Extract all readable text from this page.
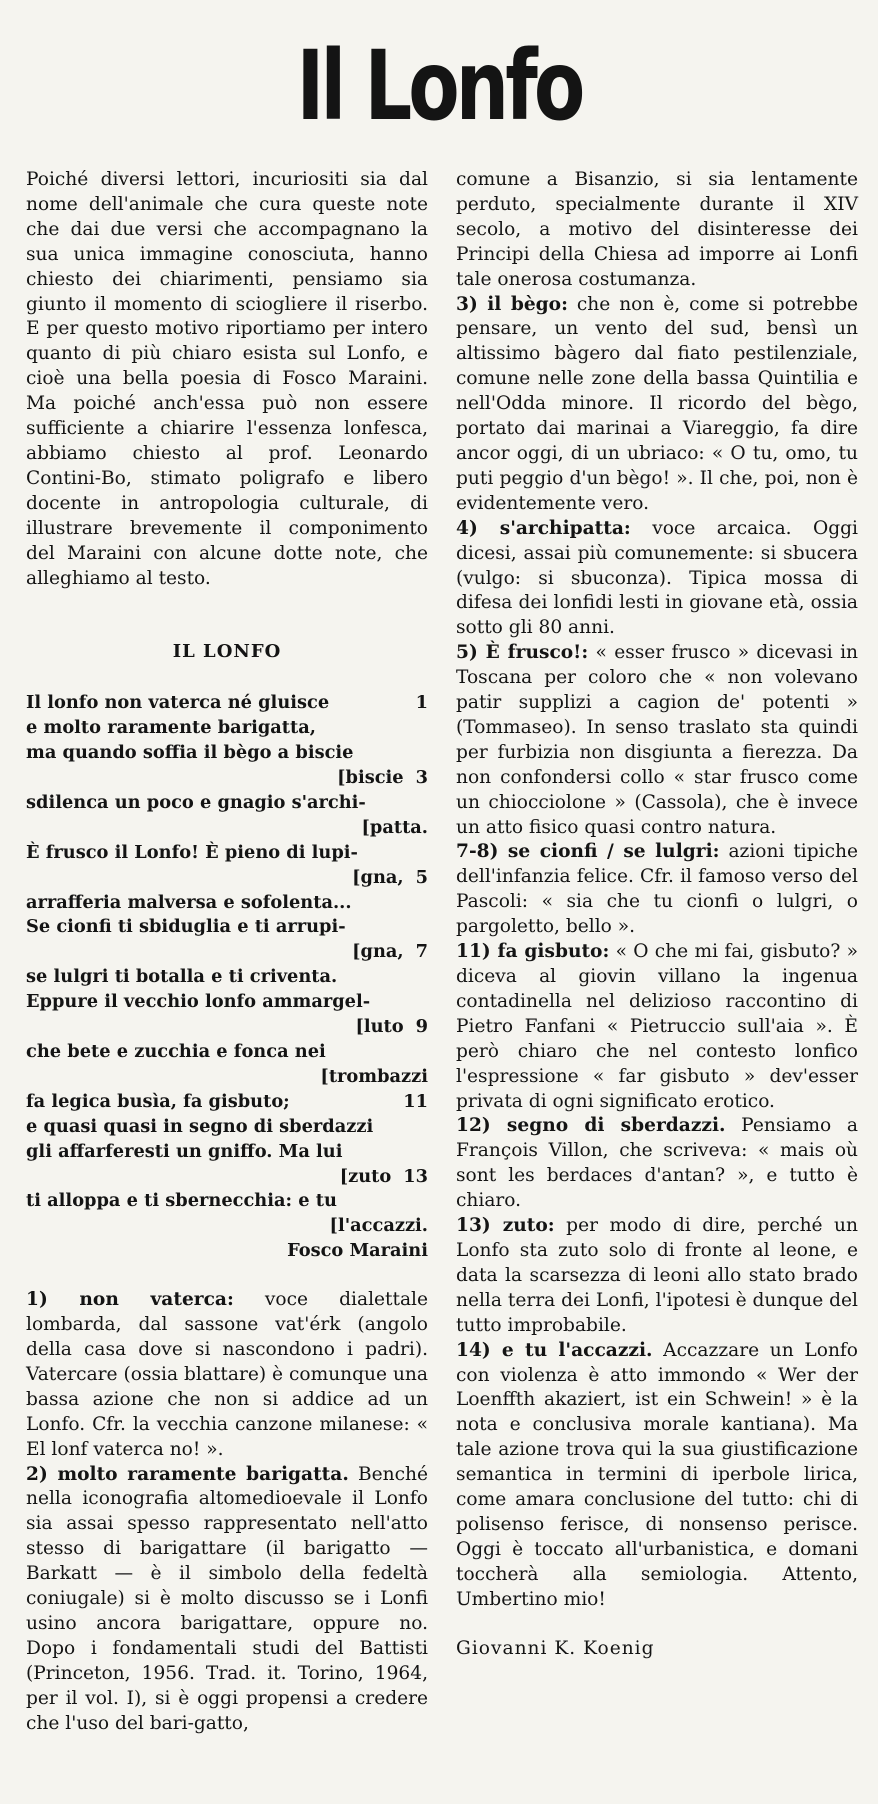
Il Lonfo

Poiché diversi lettori, incuriositi sia dal nome dell'animale che cura queste note che dai due versi che accompagnano la sua unica immagine conosciuta, hanno chiesto dei chiarimenti, pensiamo sia giunto il momento di sciogliere il riserbo. E per questo motivo riportiamo per intero quanto di più chiaro esista sul Lonfo, e cioè una bella poesia di Fosco Maraini. Ma poiché anch'essa può non essere sufficiente a chiarire l'essenza lonfesca, abbiamo chiesto al prof. Leonardo Contini-Bo, stimato poligrafo e libero docente in antropologia culturale, di illustrare brevemente il componimento del Maraini con alcune dotte note, che alleghiamo al testo.

IL LONFO
Il lonfo non vaterca né gluisce	1
e molto raramente barigatta,
ma quando soffia il bègo a biscie
[biscie 3
sdilenca un poco e gnagio s'archi-
[patta.
È frusco il Lonfo! È pieno di lupi-
[gna, 5
arrafferia malversa e sofolenta...
Se cionfi ti sbiduglia e ti arrupi-
[gna, 7
se lulgri ti botalla e ti criventa.
Eppure il vecchio lonfo ammargel-
[luto 9
che bete e zucchia e fonca nei
[trombazzi
fa legica busìa, fa gisbuto;	11
e quasi quasi in segno di sberdazzi
gli affarferesti un gniffo. Ma lui
[zuto 13
ti alloppa e ti sbernecchia: e tu
[l'accazzi.
Fosco Maraini

1) non vaterca: voce dialettale lombarda, dal sassone vat'érk (angolo della casa dove si nascondono i padri). Vatercare (ossia blattare) è comunque una bassa azione che non si addice ad un Lonfo. Cfr. la vecchia canzone milanese: « El lonf vaterca no! ».

2) molto raramente barigatta. Benché nella iconografia altomedioevale il Lonfo sia assai spesso rappresentato nell'atto stesso di barigattare (il barigatto — Barkatt — è il simbolo della fedeltà coniugale) si è molto discusso se i Lonfi usino ancora barigattare, oppure no. Dopo i fondamentali studi del Battisti (Princeton, 1956. Trad. it. Torino, 1964, per il vol. I), si è oggi propensi a credere che l'uso del bari-gatto,

comune a Bisanzio, si sia lentamente perduto, specialmente durante il XIV secolo, a motivo del disinteresse dei Principi della Chiesa ad imporre ai Lonfi tale onerosa costumanza.

3) il bègo: che non è, come si potrebbe pensare, un vento del sud, bensì un altissimo bàgero dal fiato pestilenziale, comune nelle zone della bassa Quintilia e nell'Odda minore. Il ricordo del bègo, portato dai marinai a Viareggio, fa dire ancor oggi, di un ubriaco: « O tu, omo, tu puti peggio d'un bègo! ». Il che, poi, non è evidentemente vero.

4) s'archipatta: voce arcaica. Oggi dicesi, assai più comunemente: si sbucera (vulgo: si sbuconza). Tipica mossa di difesa dei lonfidi lesti in giovane età, ossia sotto gli 80 anni.

5) È frusco!: « esser frusco » dicevasi in Toscana per coloro che « non volevano patir supplizi a cagion de' potenti » (Tommaseo). In senso traslato sta quindi per furbizia non disgiunta a fierezza. Da non confondersi collo « star frusco come un chiocciolone » (Cassola), che è invece un atto fisico quasi contro natura.

7-8) se cionfi / se lulgri: azioni tipiche dell'infanzia felice. Cfr. il famoso verso del Pascoli: « sia che tu cionfi o lulgri, o pargoletto, bello ».

11) fa gisbuto: « O che mi fai, gisbuto? » diceva al giovin villano la ingenua contadinella nel delizioso raccontino di Pietro Fanfani « Pietruccio sull'aia ». È però chiaro che nel contesto lonfico l'espressione « far gisbuto » dev'esser privata di ogni significato erotico.

12) segno di sberdazzi. Pensiamo a François Villon, che scriveva: « mais où sont les berdaces d'antan? », e tutto è chiaro.

13) zuto: per modo di dire, perché un Lonfo sta zuto solo di fronte al leone, e data la scarsezza di leoni allo stato brado nella terra dei Lonfi, l'ipotesi è dunque del tutto improbabile.

14) e tu l'accazzi. Accazzare un Lonfo con violenza è atto immondo « Wer der Loenffth akaziert, ist ein Schwein! » è la nota e conclusiva morale kantiana). Ma tale azione trova qui la sua giustificazione semantica in termini di iperbole lirica, come amara conclusione del tutto: chi di polisenso ferisce, di nonsenso perisce. Oggi è toccato all'urbanistica, e domani toccherà alla semiologia. Attento, Umbertino mio!

Giovanni K. Koenig
